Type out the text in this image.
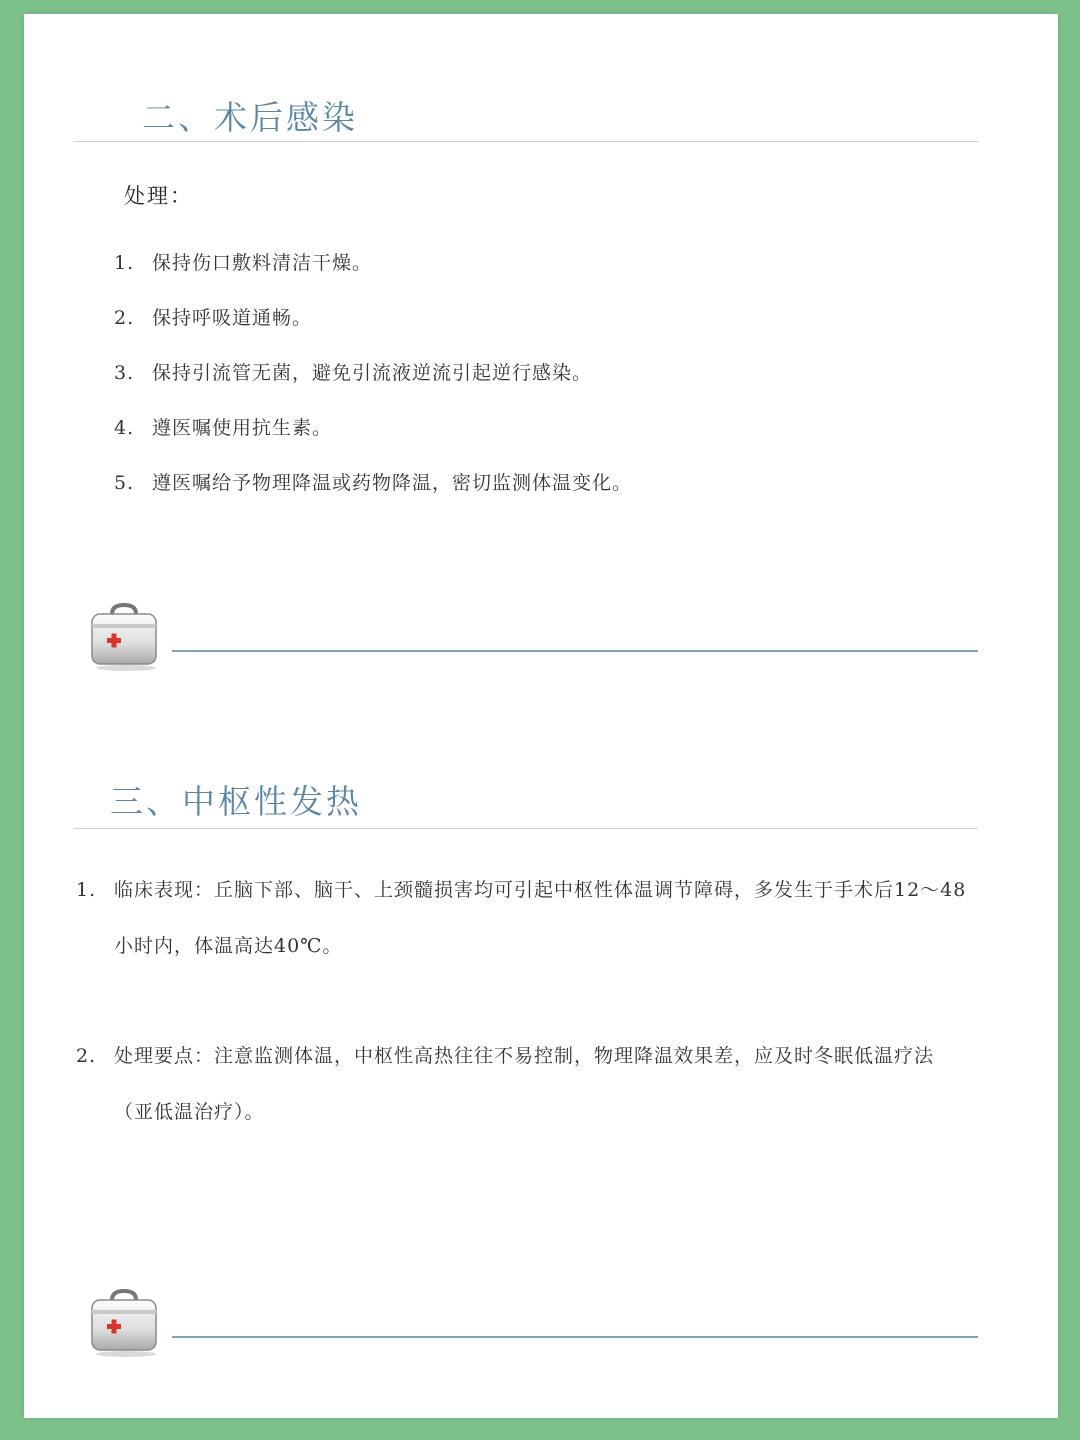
二、术后感染
处理：
1. 保持伤口敷料清洁干燥。
2. 保持呼吸道通畅。
3. 保持引流管无菌，避免引流液逆流引起逆行感染。
4. 遵医嘱使用抗生素。
5. 遵医嘱给予物理降温或药物降温，密切监测体温变化。
三、中枢性发热
1. 临床表现：丘脑下部、脑干、上颈髓损害均可引起中枢性体温调节障碍，多发生于手术后12～48
小时内，体温高达40℃。
2. 处理要点：注意监测体温，中枢性高热往往不易控制，物理降温效果差，应及时冬眠低温疗法
（亚低温治疗）。
